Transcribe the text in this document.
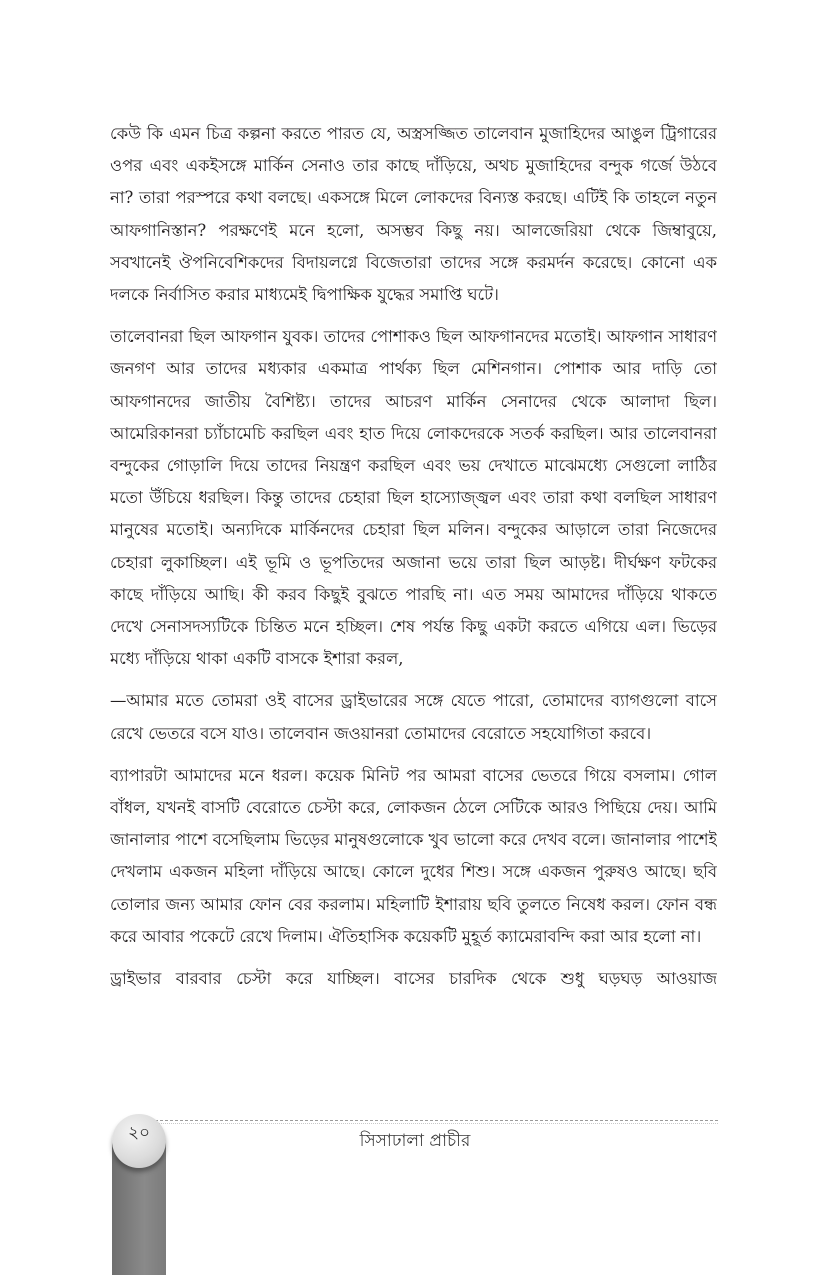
কেউ কি এমন চিত্র কল্পনা করতে পারত যে, অস্ত্রসজ্জিত তালেবান মুজাহিদের আঙুল ট্রিগারের ওপর এবং একইসঙ্গে মার্কিন সেনাও তার কাছে দাঁড়িয়ে, অথচ মুজাহিদের বন্দুক গর্জে উঠবে না? তারা পরস্পরে কথা বলছে। একসঙ্গে মিলে লোকদের বিন্যস্ত করছে। এটিই কি তাহলে নতুন আফগানিস্তান? পরক্ষণেই মনে হলো, অসম্ভব কিছু নয়। আলজেরিয়া থেকে জিম্বাবুয়ে, সবখানেই ঔপনিবেশিকদের বিদায়লগ্নে বিজেতারা তাদের সঙ্গে করমর্দন করেছে। কোনো এক দলকে নির্বাসিত করার মাধ্যমেই দ্বিপাক্ষিক যুদ্ধের সমাপ্তি ঘটে।

তালেবানরা ছিল আফগান যুবক। তাদের পোশাকও ছিল আফগানদের মতোই। আফগান সাধারণ জনগণ আর তাদের মধ্যকার একমাত্র পার্থক্য ছিল মেশিনগান। পোশাক আর দাড়ি তো আফগানদের জাতীয় বৈশিষ্ট্য। তাদের আচরণ মার্কিন সেনাদের থেকে আলাদা ছিল। আমেরিকানরা চ্যাঁচামেচি করছিল এবং হাত দিয়ে লোকদেরকে সতর্ক করছিল। আর তালেবানরা বন্দুকের গোড়ালি দিয়ে তাদের নিয়ন্ত্রণ করছিল এবং ভয় দেখাতে মাঝেমধ্যে সেগুলো লাঠির মতো উঁচিয়ে ধরছিল। কিন্তু তাদের চেহারা ছিল হাস্যোজ্জ্বল এবং তারা কথা বলছিল সাধারণ মানুষের মতোই। অন্যদিকে মার্কিনদের চেহারা ছিল মলিন। বন্দুকের আড়ালে তারা নিজেদের চেহারা লুকাচ্ছিল। এই ভূমি ও ভূপতিদের অজানা ভয়ে তারা ছিল আড়ষ্ট। দীর্ঘক্ষণ ফটকের কাছে দাঁড়িয়ে আছি। কী করব কিছুই বুঝতে পারছি না। এত সময় আমাদের দাঁড়িয়ে থাকতে দেখে সেনাসদস্যটিকে চিন্তিত মনে হচ্ছিল। শেষ পর্যন্ত কিছু একটা করতে এগিয়ে এল। ভিড়ের মধ্যে দাঁড়িয়ে থাকা একটি বাসকে ইশারা করল,

—আমার মতে তোমরা ওই বাসের ড্রাইভারের সঙ্গে যেতে পারো, তোমাদের ব্যাগগুলো বাসে রেখে ভেতরে বসে যাও। তালেবান জওয়ানরা তোমাদের বেরোতে সহযোগিতা করবে।

ব্যাপারটা আমাদের মনে ধরল। কয়েক মিনিট পর আমরা বাসের ভেতরে গিয়ে বসলাম। গোল বাঁধল, যখনই বাসটি বেরোতে চেস্টা করে, লোকজন ঠেলে সেটিকে আরও পিছিয়ে দেয়। আমি জানালার পাশে বসেছিলাম ভিড়ের মানুষগুলোকে খুব ভালো করে দেখব বলে। জানালার পাশেই দেখলাম একজন মহিলা দাঁড়িয়ে আছে। কোলে দুধের শিশু। সঙ্গে একজন পুরুষও আছে। ছবি তোলার জন্য আমার ফোন বের করলাম। মহিলাটি ইশারায় ছবি তুলতে নিষেধ করল। ফোন বন্ধ করে আবার পকেটে রেখে দিলাম। ঐতিহাসিক কয়েকটি মুহূর্ত ক্যামেরাবন্দি করা আর হলো না।

ড্রাইভার বারবার চেস্টা করে যাচ্ছিল। বাসের চারদিক থেকে শুধু ঘড়ঘড় আওয়াজ

২০	সিসাঢালা প্রাচীর
